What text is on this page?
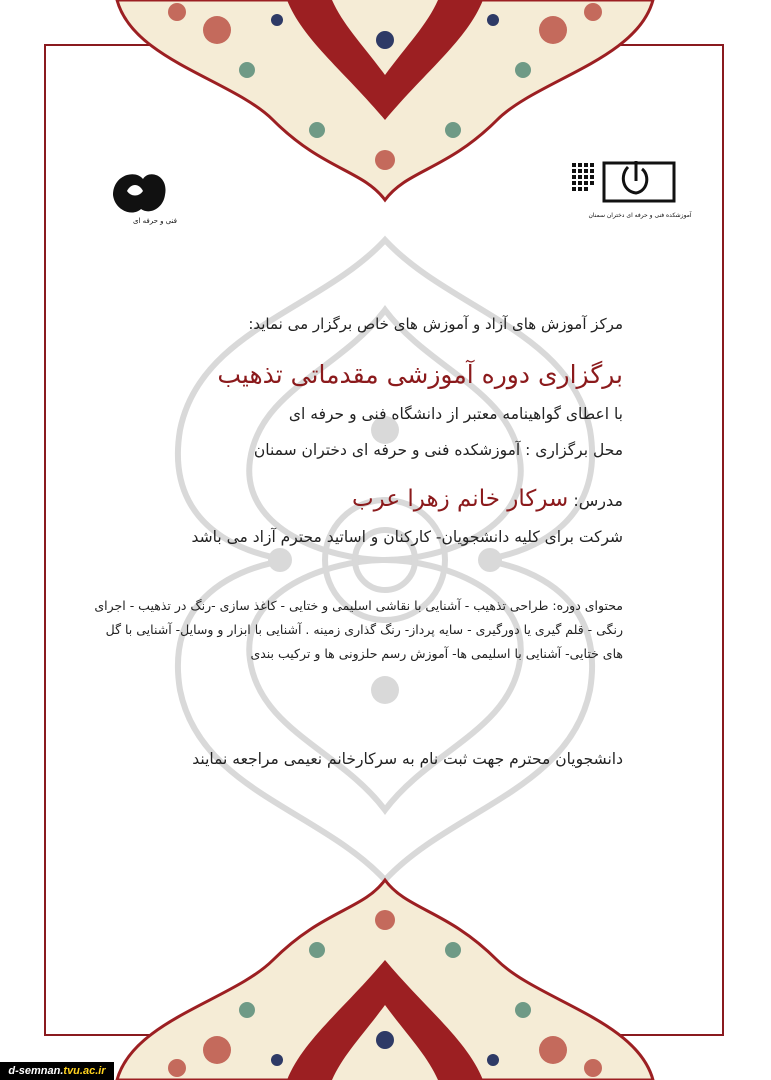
فنی و حرفه ای
آموزشکده فنی و حرفه ای دختران سمنان
مرکز آموزش های آزاد و آموزش های خاص برگزار می نماید:
برگزاری دوره آموزشی مقدماتی تذهیب
با اعطای گواهینامه معتبر از دانشگاه فنی و حرفه ای
محل برگزاری : آموزشکده فنی و حرفه ای دختران سمنان
مدرس: سرکار خانم زهرا عرب
شرکت برای کلیه دانشجویان- کارکنان و اساتید محترم آزاد می باشد
محتوای دوره: طراحی تذهیب - آشنایی با نقاشی اسلیمی و ختایی - کاغذ سازی -رنگ در تذهیب - اجرای رنگی - قلم گیری یا دورگیری - سایه پرداز- رنگ گذاری زمینه . آشنایی با ابزار و وسایل- آشنایی با گل های ختایی- آشنایی با اسلیمی ها- آموزش رسم حلزونی ها و ترکیب بندی
دانشجویان محترم جهت ثبت نام به سرکارخانم نعیمی مراجعه نمایند
d-semnan. tvu.ac.ir
